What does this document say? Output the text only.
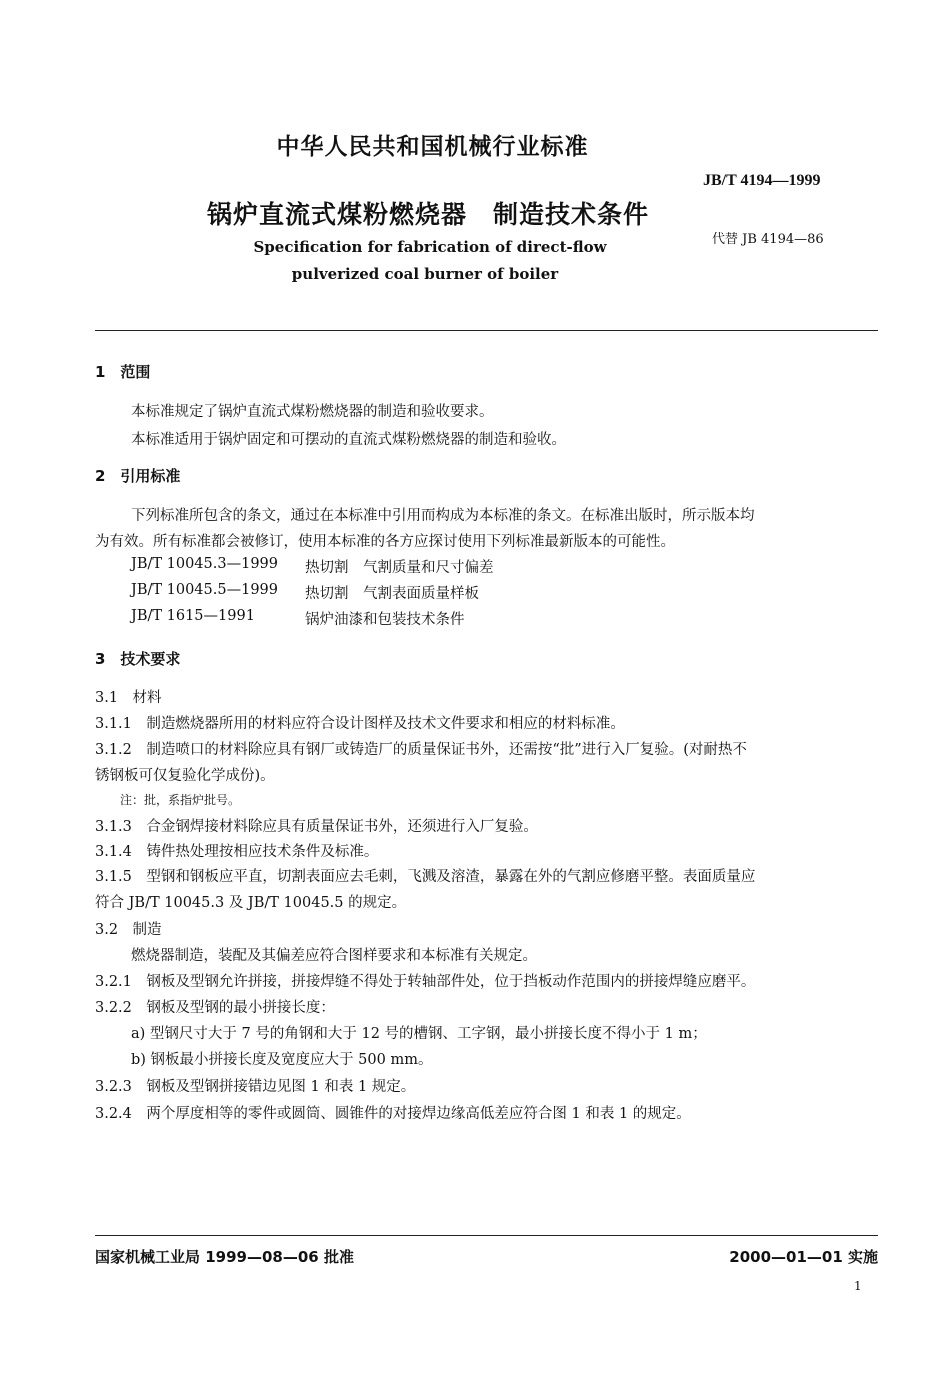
中华人民共和国机械行业标准
JB/T 4194—1999
锅炉直流式煤粉燃烧器　制造技术条件
代替 JB 4194—86
Specification for fabrication of direct-flow
pulverized coal burner of boiler
1　范围
本标准规定了锅炉直流式煤粉燃烧器的制造和验收要求。
本标准适用于锅炉固定和可摆动的直流式煤粉燃烧器的制造和验收。
2　引用标准
下列标准所包含的条文，通过在本标准中引用而构成为本标准的条文。在标准出版时，所示版本均
为有效。所有标准都会被修订，使用本标准的各方应探讨使用下列标准最新版本的可能性。
JB/T 10045.3—1999 热切割　气割质量和尺寸偏差
JB/T 10045.5—1999 热切割　气割表面质量样板
JB/T 1615—1991	锅炉油漆和包装技术条件
3　技术要求
3.1　材料
3.1.1　制造燃烧器所用的材料应符合设计图样及技术文件要求和相应的材料标准。
3.1.2　制造喷口的材料除应具有钢厂或铸造厂的质量保证书外，还需按“批”进行入厂复验。(对耐热不
锈钢板可仅复验化学成份)。
注：批，系指炉批号。
3.1.3　合金钢焊接材料除应具有质量保证书外，还须进行入厂复验。
3.1.4　铸件热处理按相应技术条件及标准。
3.1.5　型钢和钢板应平直，切割表面应去毛刺，飞溅及溶渣，暴露在外的气割应修磨平整。表面质量应
符合 JB/T 10045.3 及 JB/T 10045.5 的规定。
3.2　制造
燃烧器制造，装配及其偏差应符合图样要求和本标准有关规定。
3.2.1　钢板及型钢允许拼接，拼接焊缝不得处于转轴部件处，位于挡板动作范围内的拼接焊缝应磨平。
3.2.2　钢板及型钢的最小拼接长度：
a) 型钢尺寸大于 7 号的角钢和大于 12 号的槽钢、工字钢，最小拼接长度不得小于 1 m；
b) 钢板最小拼接长度及宽度应大于 500 mm。
3.2.3　钢板及型钢拼接错边见图 1 和表 1 规定。
3.2.4　两个厚度相等的零件或圆筒、圆锥件的对接焊边缘高低差应符合图 1 和表 1 的规定。
国家机械工业局 1999—08—06 批准	2000—01—01 实施
1
